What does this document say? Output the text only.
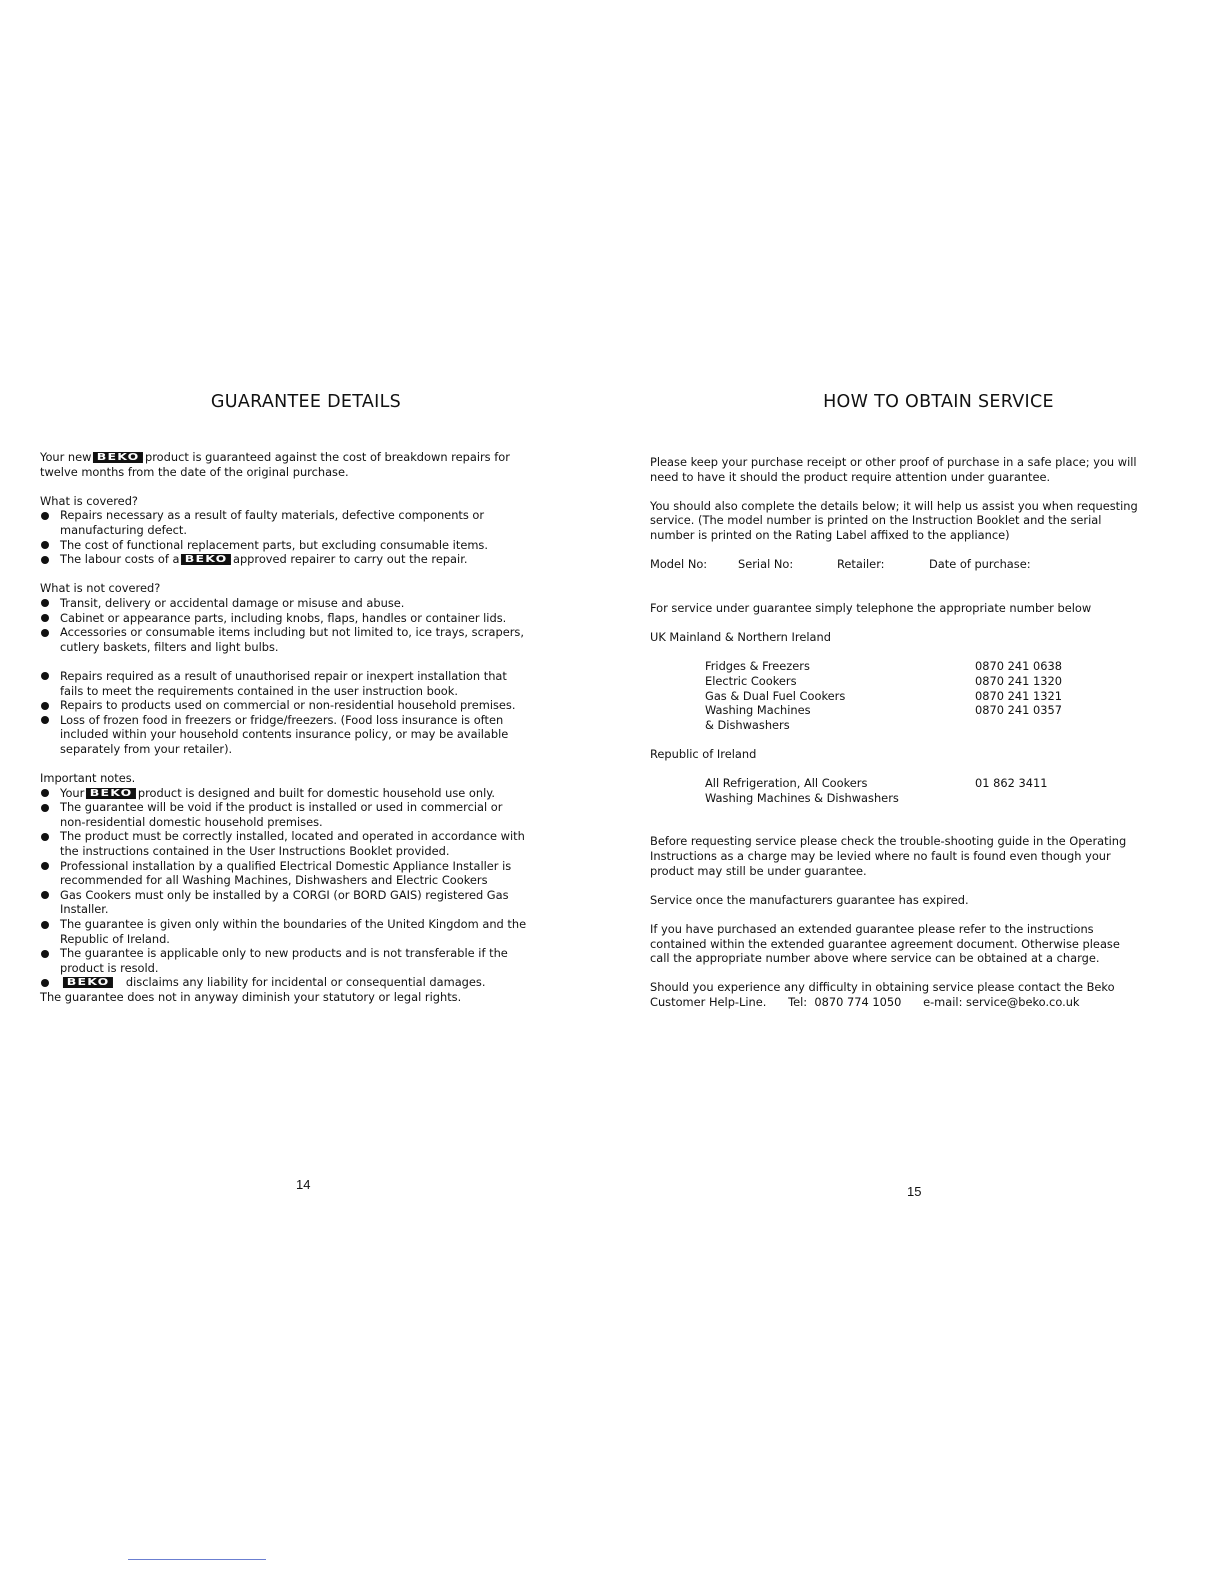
GUARANTEE DETAILS

Your new BEKO product is guaranteed against the cost of breakdown repairs for twelve months from the date of the original purchase.

What is covered?

Repairs necessary as a result of faulty materials, defective components or manufacturing defect.
The cost of functional replacement parts, but excluding consumable items.
The labour costs of a BEKO approved repairer to carry out the repair.

What is not covered?

Transit, delivery or accidental damage or misuse and abuse.
Cabinet or appearance parts, including knobs, flaps, handles or container lids.
Accessories or consumable items including but not limited to, ice trays, scrapers, cutlery baskets, filters and light bulbs.
Repairs required as a result of unauthorised repair or inexpert installation that fails to meet the requirements contained in the user instruction book.
Repairs to products used on commercial or non-residential household premises.
Loss of frozen food in freezers or fridge/freezers. (Food loss insurance is often included within your household contents insurance policy, or may be available separately from your retailer).

Important notes.

Your BEKO product is designed and built for domestic household use only.
The guarantee will be void if the product is installed or used in commercial or non-residential domestic household premises.
The product must be correctly installed, located and operated in accordance with the instructions contained in the User Instructions Booklet provided.
Professional installation by a qualified Electrical Domestic Appliance Installer is recommended for all Washing Machines, Dishwashers and Electric Cookers
Gas Cookers must only be installed by a CORGI (or BORD GAIS) registered Gas Installer.
The guarantee is given only within the boundaries of the United Kingdom and the Republic of Ireland.
The guarantee is applicable only to new products and is not transferable if the product is resold.
BEKO disclaims any liability for incidental or consequential damages.

The guarantee does not in anyway diminish your statutory or legal rights.

14
HOW TO OBTAIN SERVICE

Please keep your purchase receipt or other proof of purchase in a safe place; you will need to have it should the product require attention under guarantee.

You should also complete the details below; it will help us assist you when requesting service. (The model number is printed on the Instruction Booklet and the serial number is printed on the Rating Label affixed to the appliance)

Model No:	Serial No:	Retailer:	Date of purchase:

For service under guarantee simply telephone the appropriate number below

UK Mainland & Northern Ireland

Fridges & Freezers	0870 241 0638
Electric Cookers	0870 241 1320
Gas & Dual Fuel Cookers	0870 241 1321
Washing Machines	0870 241 0357
& Dishwashers

Republic of Ireland

All Refrigeration, All Cookers	01 862 3411
Washing Machines & Dishwashers

Before requesting service please check the trouble-shooting guide in the Operating Instructions as a charge may be levied where no fault is found even though your product may still be under guarantee.

Service once the manufacturers guarantee has expired.

If you have purchased an extended guarantee please refer to the instructions contained within the extended guarantee agreement document. Otherwise please call the appropriate number above where service can be obtained at a charge.

Should you experience any difficulty in obtaining service please contact the Beko

Customer Help-Line.      Tel:  0870 774 1050      e-mail: service@beko.co.uk

15
